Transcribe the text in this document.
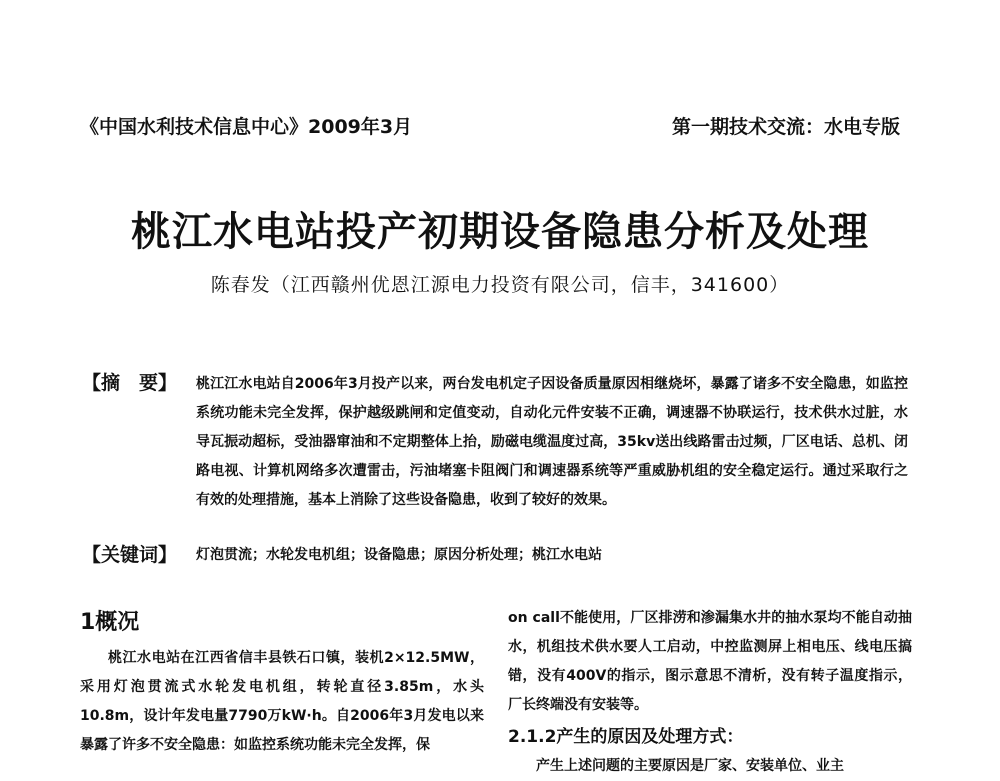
《中国水利技术信息中心》2009年3月	第一期技术交流：水电专版
桃江水电站投产初期设备隐患分析及处理
陈春发（江西赣州优恩江源电力投资有限公司，信丰，341600）
【摘　要】 桃江江水电站自2006年3月投产以来，两台发电机定子因设备质量原因相继烧坏，暴露了诸多不安全隐患，如监控系统功能未完全发挥，保护越级跳闸和定值变动，自动化元件安装不正确，调速器不协联运行，技术供水过脏，水导瓦振动超标，受油器窜油和不定期整体上抬，励磁电缆温度过高，35kv送出线路雷击过频，厂区电话、总机、闭路电视、计算机网络多次遭雷击，污油堵塞卡阻阀门和调速器系统等严重威胁机组的安全稳定运行。通过采取行之有效的处理措施，基本上消除了这些设备隐患，收到了较好的效果。
【关键词】 灯泡贯流；水轮发电机组；设备隐患；原因分析处理；桃江水电站
1概况

桃江水电站在江西省信丰县铁石口镇，装机2×12.5MW，采用灯泡贯流式水轮发电机组，转轮直径3.85m，水头10.8m，设计年发电量7790万kW·h。自2006年3月发电以来暴露了许多不安全隐患：如监控系统功能未完全发挥，保

on call不能使用，厂区排涝和渗漏集水井的抽水泵均不能自动抽水，机组技术供水要人工启动，中控监测屏上相电压、线电压搞错，没有400V的指示，图示意思不清析，没有转子温度指示，厂长终端没有安装等。

2.1.2产生的原因及处理方式：

产生上述问题的主要原因是厂家、安装单位、业主
